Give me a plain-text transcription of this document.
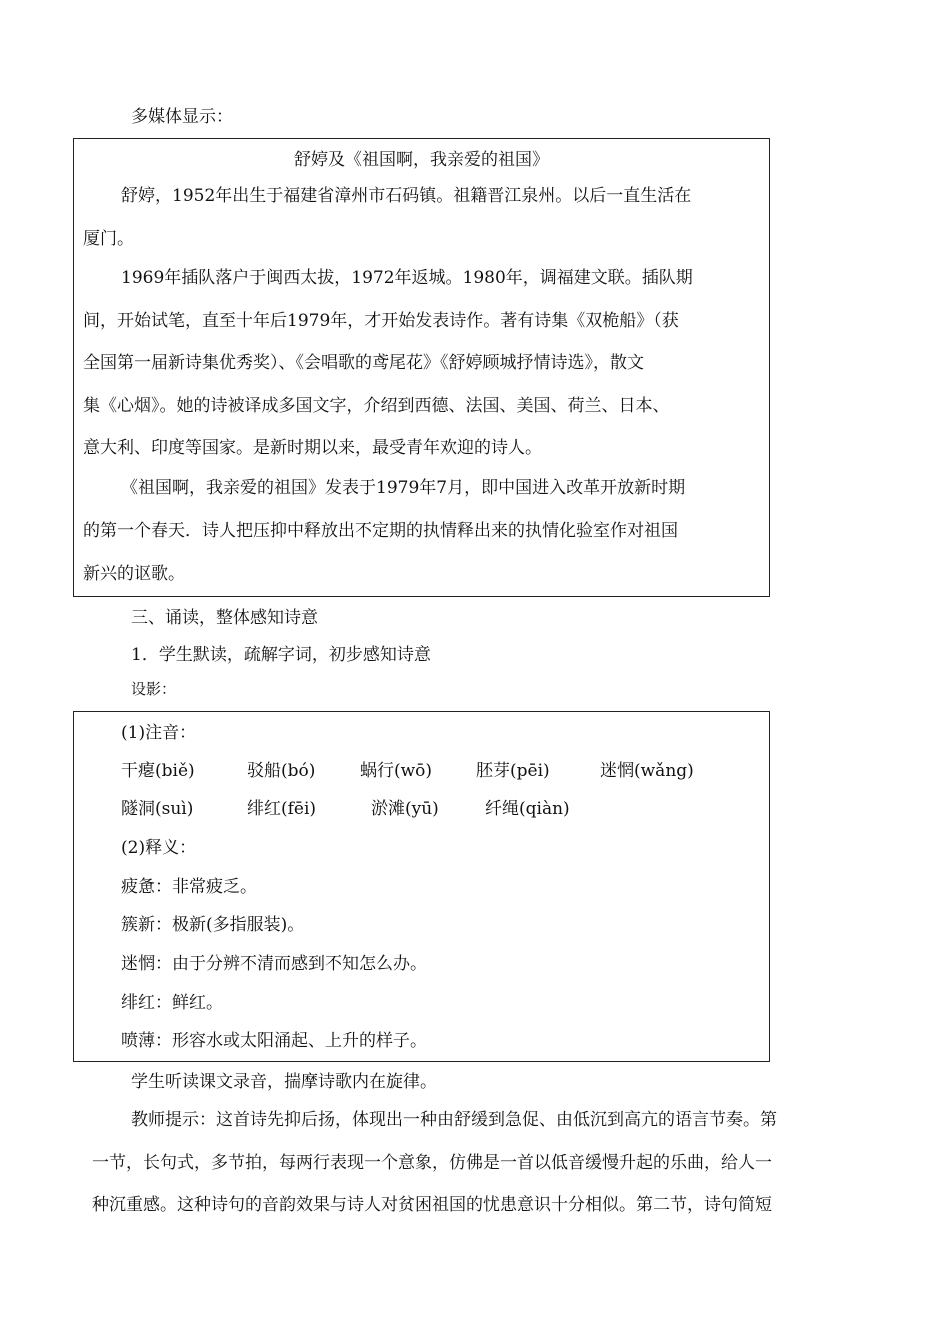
多媒体显示：
舒婷及《祖国啊，我亲爱的祖国》
舒婷，1952年出生于福建省漳州市石码镇。祖籍晋江泉州。以后一直生活在
厦门。
1969年插队落户于闽西太拔，1972年返城。1980年，调福建文联。插队期
间，开始试笔，直至十年后1979年，才开始发表诗作。著有诗集《双桅船》（获
全国第一届新诗集优秀奖）、《会唱歌的鸢尾花》《舒婷顾城抒情诗选》，散文
集《心烟》。她的诗被译成多国文字，介绍到西德、法国、美国、荷兰、日本、
意大利、印度等国家。是新时期以来，最受青年欢迎的诗人。
《祖国啊，我亲爱的祖国》发表于1979年7月，即中国进入改革开放新时期
的第一个春天．诗人把压抑中释放出不定期的执情释出来的执情化验室作对祖国
新兴的讴歌。
三、诵读，整体感知诗意
1．学生默读，疏解字词，初步感知诗意
设影：
(1)注音：
干瘪(biě)	驳船(bó)	蜗行(wō)	胚芽(pēi)	迷惘(wǎng)
隧洞(suì)	绯红(fēi)	淤滩(yū)	纤绳(qiàn)
(2)释义：
疲惫：非常疲乏。
簇新：极新(多指服装)。
迷惘：由于分辨不清而感到不知怎么办。
绯红：鲜红。
喷薄：形容水或太阳涌起、上升的样子。
学生听读课文录音，揣摩诗歌内在旋律。
教师提示：这首诗先抑后扬，体现出一种由舒缓到急促、由低沉到高亢的语言节奏。第
一节，长句式，多节拍，每两行表现一个意象，仿佛是一首以低音缓慢升起的乐曲，给人一
种沉重感。这种诗句的音韵效果与诗人对贫困祖国的忧患意识十分相似。第二节，诗句简短
